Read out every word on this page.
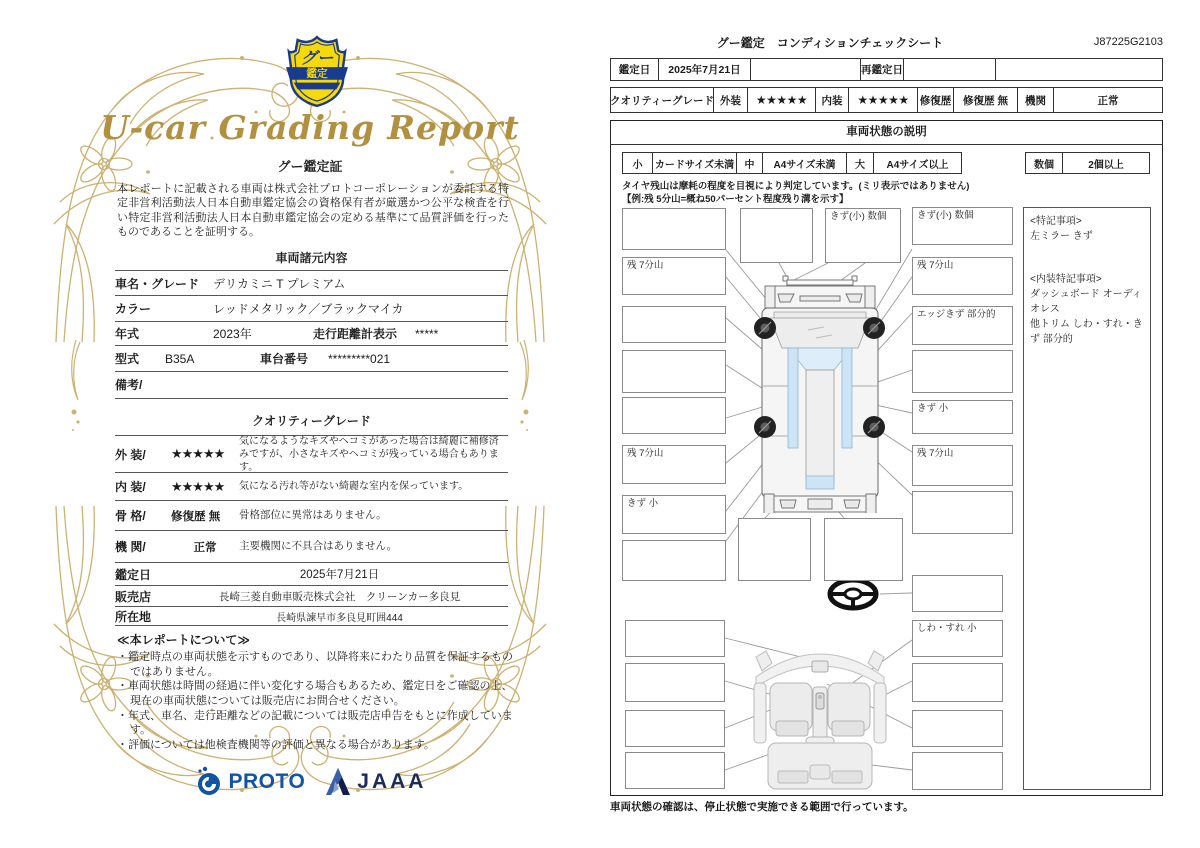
グー
鑑定
U-car Grading Report
グー鑑定証
本レポートに記載される車両は株式会社プロトコーポレーションが委託する特定非営利活動法人日本自動車鑑定協会の資格保有者が厳選かつ公平な検査を行い特定非営利活動法人日本自動車鑑定協会の定める基準にて品質評価を行ったものであることを証明する。
車両諸元内容
車名・グレード	デリカミニ T プレミアム
カラー	レッドメタリック／ブラックマイカ
年式	2023年	走行距離計表示	*****
型式	B35A	車台番号	*********021
備考/
クオリティーグレード
外 装/	★★★★★
気になるようなキズやヘコミがあった場合は綺麗に補修済みですが、小さなキズやヘコミが残っている場合もあります。
内 装/	★★★★★	気になる汚れ等がない綺麗な室内を保っています。
骨 格/	修復歴 無	骨格部位に異常はありません。
機 関/	正常	主要機関に不具合はありません。
鑑定日	2025年7月21日
販売店	長崎三菱自動車販売株式会社　クリーンカー多良見
所在地	長崎県諫早市多良見町囲444
≪本レポートについて≫
・鑑定時点の車両状態を示すものであり、以降将来にわたり品質を保証するものではありません。
・車両状態は時間の経過に伴い変化する場合もあるため、鑑定日をご確認の上、現在の車両状態については販売店にお問合せください。
・年式、車名、走行距離などの記載については販売店申告をもとに作成しています。
・評価については他検査機関等の評価と異なる場合があります。
PROTO JAAA
グー鑑定　コンディションチェックシート	J87225G2103
鑑定日	2025年7月21日	再鑑定日
クオリティーグレード 外装	★★★★★	内装	★★★★★	修復歴	修復歴 無	機関	正常
車両状態の説明
小	カードサイズ未満	中	A4サイズ未満	大	A4サイズ以上	数個	2個以上
タイヤ残山は摩耗の程度を目視により判定しています。(ミリ表示ではありません)
【例:残 5分山=概ね50パーセント程度残り溝を示す】
<特記事項>
左ミラー きず
<内装特記事項>
ダッシュボード オーディオレス
他トリム しわ・すれ・きず 部分的
残 7分山
残 7分山
きず 小
きず(小) 数個	きず(小) 数個
残 7分山
エッジきず 部分的
きず 小
残 7分山
しわ・すれ 小
車両状態の確認は、停止状態で実施できる範囲で行っています。
